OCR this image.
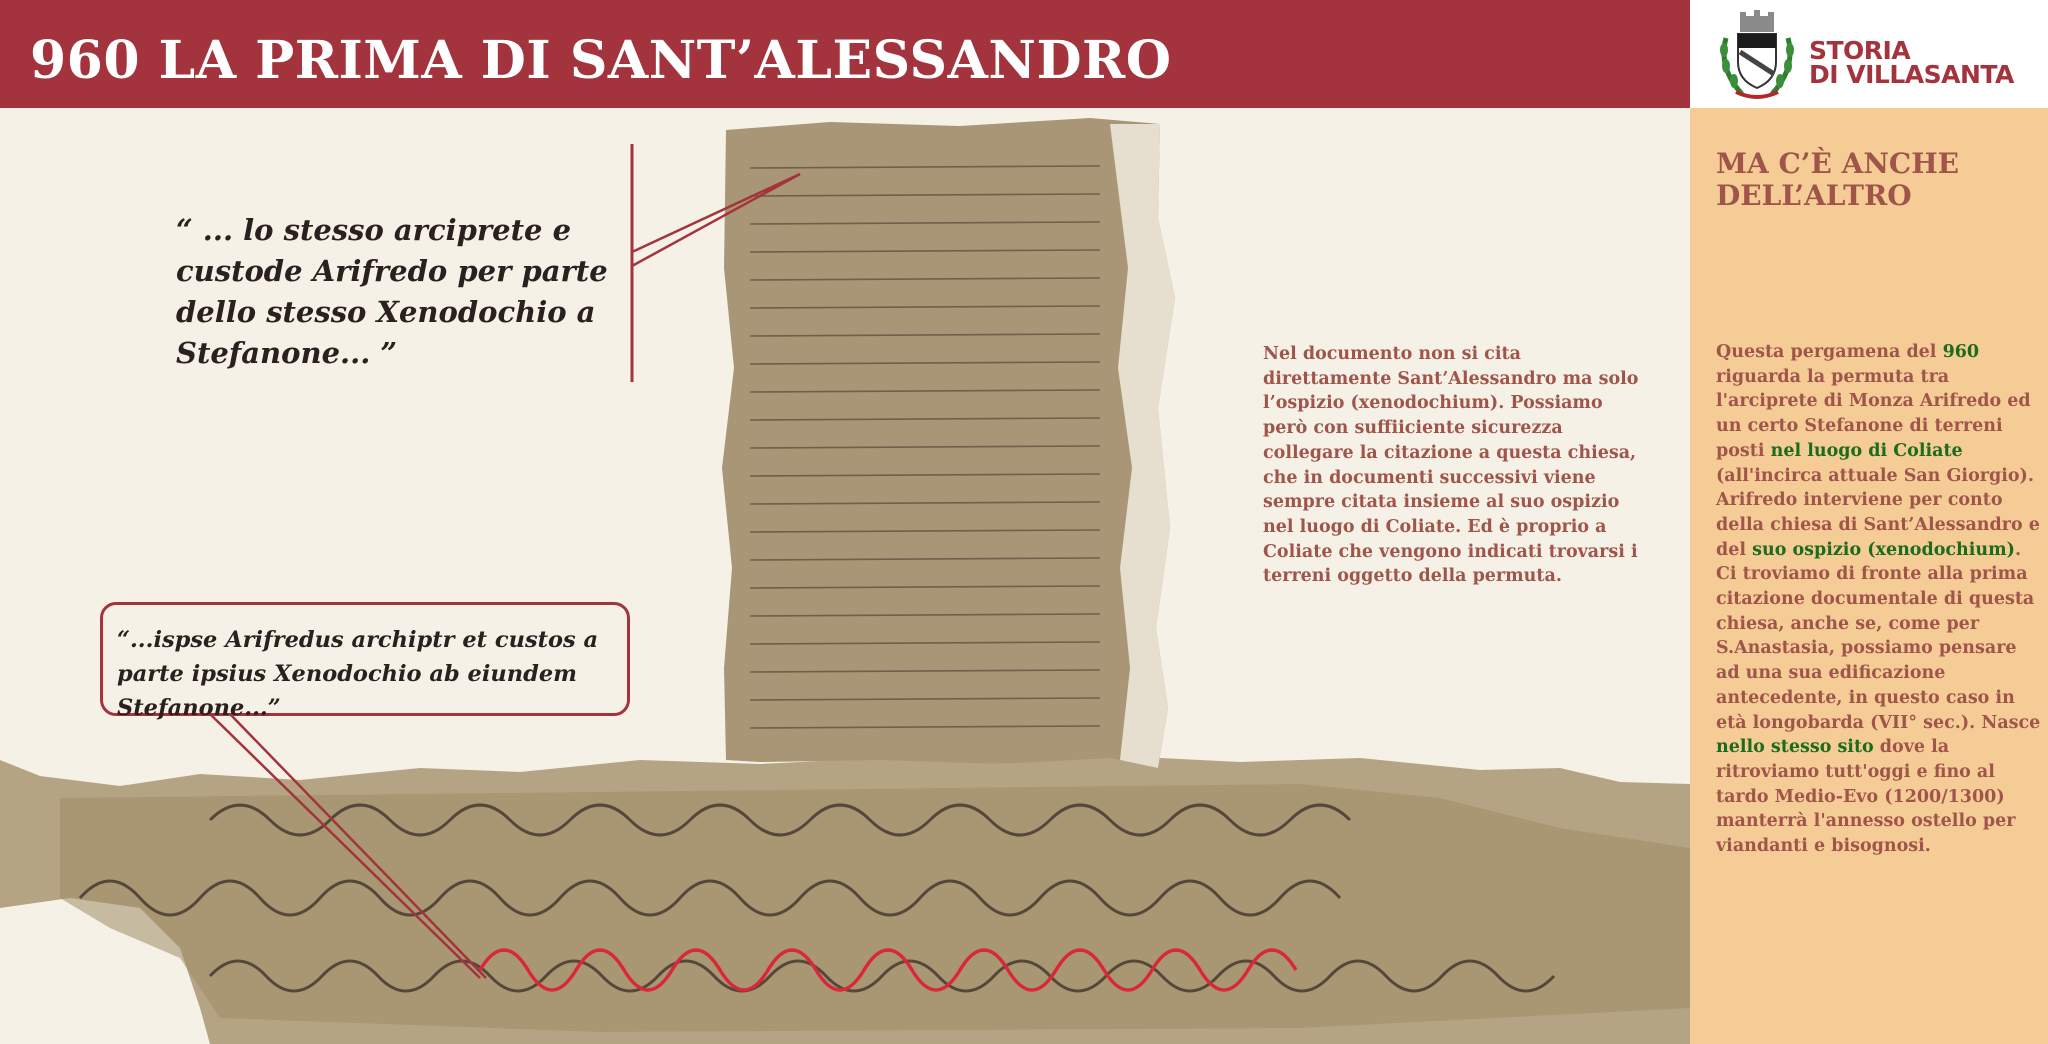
960 LA PRIMA DI SANT’ALESSANDRO	STORIA
DI VILLASANTA
“ ... lo stesso arciprete e custode Arifredo per parte dello stesso Xenodochio a Stefanone... ”
“...ispse Arifredus archiptr et custos a parte ipsius Xenodochio ab eiundem Stefanone...”
Nel documento non si cita direttamente Sant’Alessandro ma solo l’ospizio (xenodochium). Possiamo però con suffiiciente sicurezza collegare la citazione a questa chiesa, che in documenti successivi viene sempre citata insieme al suo ospizio nel luogo di Coliate. Ed è proprio a Coliate che vengono indicati trovarsi i terreni oggetto della permuta.
MA C’È ANCHE DELL’ALTRO
Questa pergamena del 960 riguarda la permuta tra l'arciprete di Monza Arifredo ed un certo Stefanone di terreni posti nel luogo di Coliate (all'incirca attuale San Giorgio). Arifredo interviene per conto della chiesa di Sant’Alessandro e del suo ospizio (xenodochium). Ci troviamo di fronte alla prima citazione documentale di questa chiesa, anche se, come per S.Anastasia, possiamo pensare ad una sua edificazione antecedente, in questo caso in età longobarda (VII° sec.). Nasce nello stesso sito dove la ritroviamo tutt'oggi e fino al tardo Medio-Evo (1200/1300) manterrà l'annesso ostello per viandanti e bisognosi.
